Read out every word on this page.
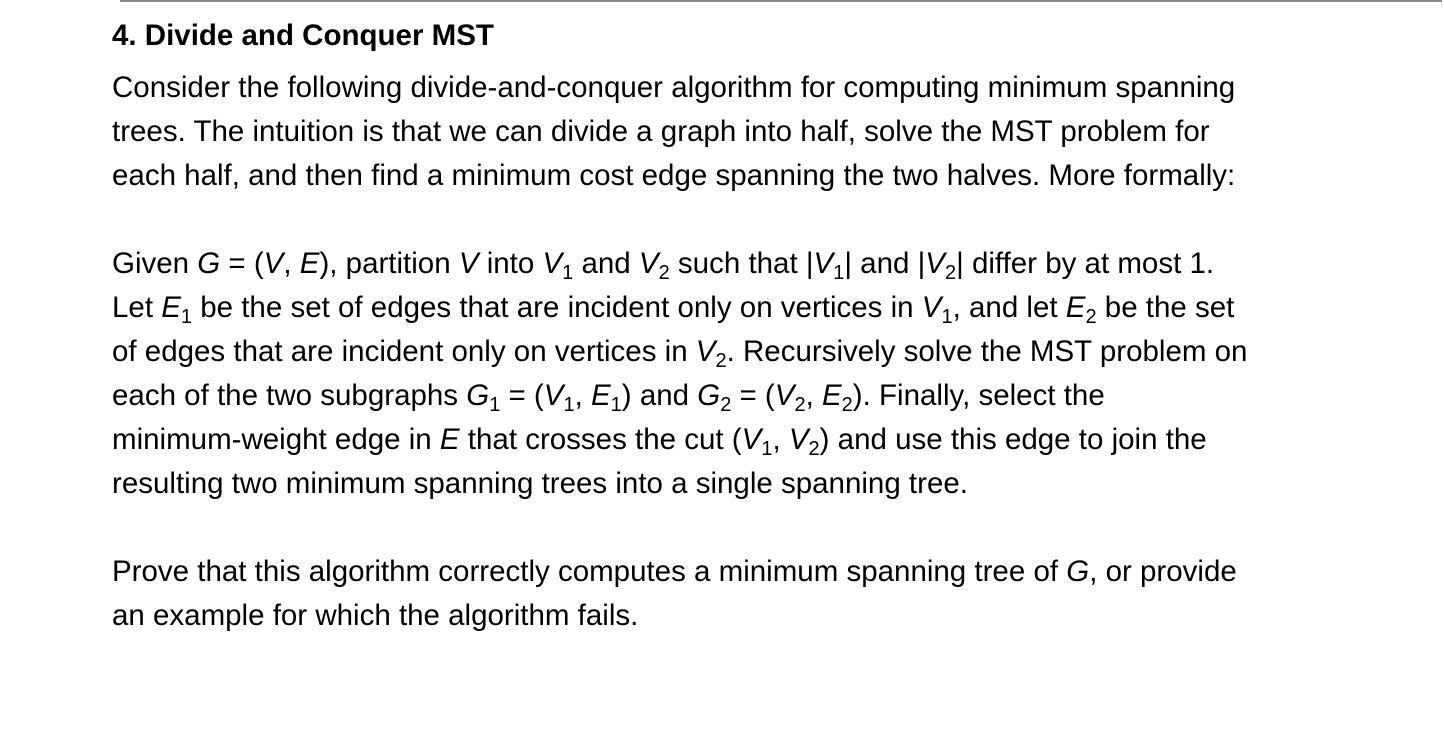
4. Divide and Conquer MST
Consider the following divide-and-conquer algorithm for computing minimum spanning
trees. The intuition is that we can divide a graph into half, solve the MST problem for
each half, and then find a minimum cost edge spanning the two halves. More formally:
Given G = (V, E), partition V into $V_1$ and $V_2$ such that $|V_1|$ and $|V_2|$ differ by at most 1.
Let $E_1$ be the set of edges that are incident only on vertices in $V_1$, and let $E_2$ be the set
of edges that are incident only on vertices in $V_2$. Recursively solve the MST problem on
each of the two subgraphs $G_1 = (V_1$, $E_1$) and $G_2 = (V_2$, $E_2$). Finally, select the
minimum-weight edge in E that crosses the cut ($V_1$, $V_2$) and use this edge to join the
resulting two minimum spanning trees into a single spanning tree.
Prove that this algorithm correctly computes a minimum spanning tree of G, or provide
an example for which the algorithm fails.
